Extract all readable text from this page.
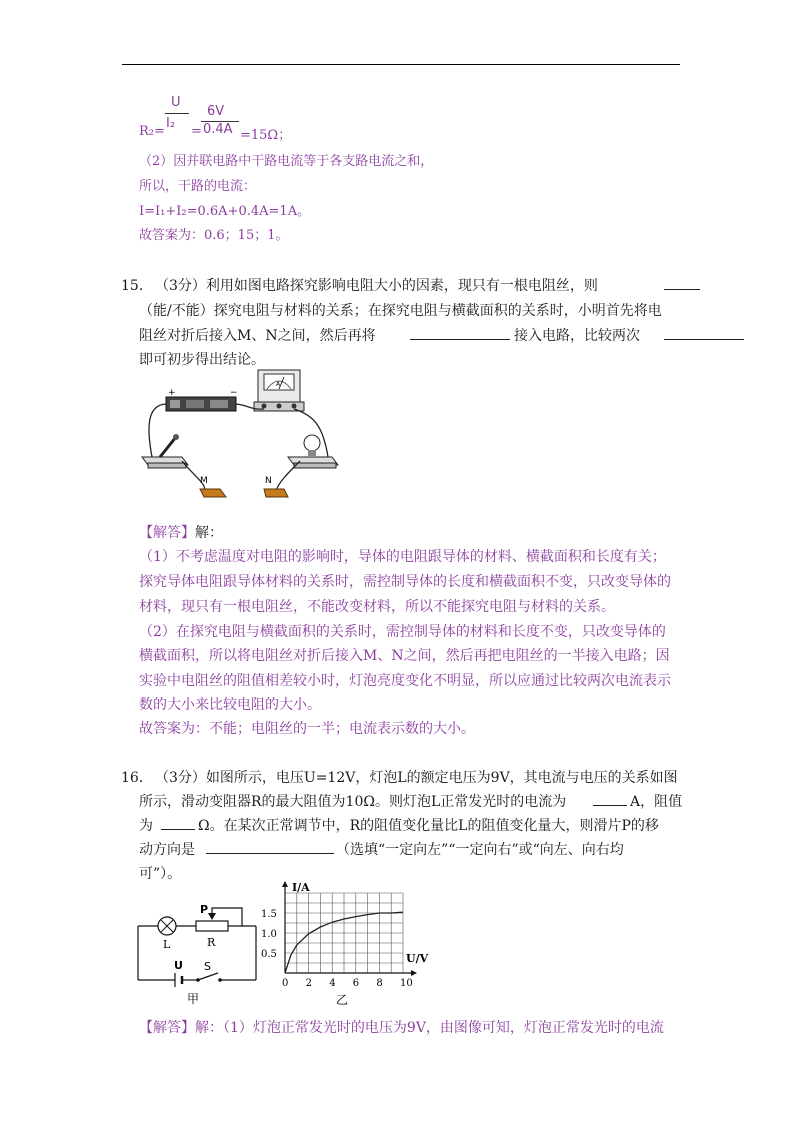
U
I₂
=
6V
0.4A
R₂=	=15Ω；
（2）因并联电路中干路电流等于各支路电流之和，
所以，干路的电流：
I=I₁+I₂=0.6A+0.4A=1A。
故答案为：0.6；15；1。
15． （3分）利用如图电路探究影响电阻大小的因素，现只有一根电阻丝，则
（能/不能）探究电阻与材料的关系；在探究电阻与横截面积的关系时，小明首先将电
阻丝对折后接入M、N之间，然后再将	接入电路，比较两次
即可初步得出结论。
+	−
A
M	N
【解答】解：
（1）不考虑温度对电阻的影响时，导体的电阻跟导体的材料、横截面积和长度有关；
探究导体电阻跟导体材料的关系时，需控制导体的长度和横截面积不变，只改变导体的
材料，现只有一根电阻丝，不能改变材料，所以不能探究电阻与材料的关系。
（2）在探究电阻与横截面积的关系时，需控制导体的材料和长度不变，只改变导体的
横截面积，所以将电阻丝对折后接入M、N之间，然后再把电阻丝的一半接入电路；因
实验中电阻丝的阻值相差较小时，灯泡亮度变化不明显，所以应通过比较两次电流表示
数的大小来比较电阻的大小。
故答案为：不能；电阻丝的一半；电流表示数的大小。
16． （3分）如图所示，电压U=12V，灯泡L的额定电压为9V，其电流与电压的关系如图
所示，滑动变阻器R的最大阻值为10Ω。则灯泡L正常发光时的电流为	A，阻值
为	Ω。在某次正常调节中，R的阻值变化量比L的阻值变化量大，则滑片P的移
动方向是	（选填“一定向左”“一定向右”或“向左、向右均
可”）。
L
P
R
U S
甲
0 2 4 6 8 10
0.5
1.0
1.5
I/A
U/V
乙
【解答】解：（1）灯泡正常发光时的电压为9V，由图像可知，灯泡正常发光时的电流
